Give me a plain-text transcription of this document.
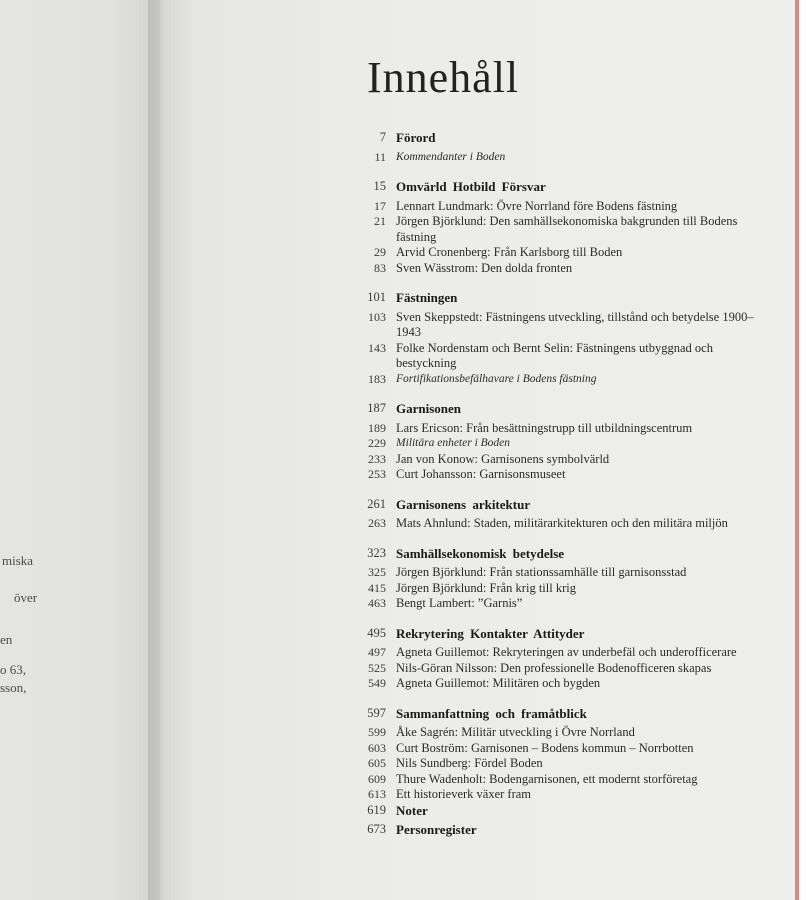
miska
över
en
o 63,
sson,
Innehåll
7 Förord
11 Kommendanter i Boden
15 Omvärld Hotbild Försvar
17 Lennart Lundmark: Övre Norrland före Bodens fästning
21 Jörgen Björklund: Den samhällsekonomiska bakgrunden till Bodens fästning
29 Arvid Cronenberg: Från Karlsborg till Boden
83 Sven Wässtrom: Den dolda fronten
101 Fästningen
103 Sven Skeppstedt: Fästningens utveckling, tillstånd och betydelse 1900–1943
143 Folke Nordenstam och Bernt Selin: Fästningens utbyggnad och bestyckning
183 Fortifikationsbefälhavare i Bodens fästning
187 Garnisonen
189 Lars Ericson: Från besättningstrupp till utbildningscentrum
229 Militära enheter i Boden
233 Jan von Konow: Garnisonens symbolvärld
253 Curt Johansson: Garnisonsmuseet
261 Garnisonens arkitektur
263 Mats Ahnlund: Staden, militärarkitekturen och den militära miljön
323 Samhällsekonomisk betydelse
325 Jörgen Björklund: Från stationssamhälle till garnisonsstad
415 Jörgen Björklund: Från krig till krig
463 Bengt Lambert: ”Garnis”
495 Rekrytering Kontakter Attityder
497 Agneta Guillemot: Rekryteringen av underbefäl och underofficerare
525 Nils-Göran Nilsson: Den professionelle Bodenofficeren skapas
549 Agneta Guillemot: Militären och bygden
597 Sammanfattning och framåtblick
599 Åke Sagrén: Militär utveckling i Övre Norrland
603 Curt Boström: Garnisonen – Bodens kommun – Norrbotten
605 Nils Sundberg: Fördel Boden
609 Thure Wadenholt: Bodengarnisonen, ett modernt storföretag
613 Ett historieverk växer fram
619 Noter
673 Personregister
